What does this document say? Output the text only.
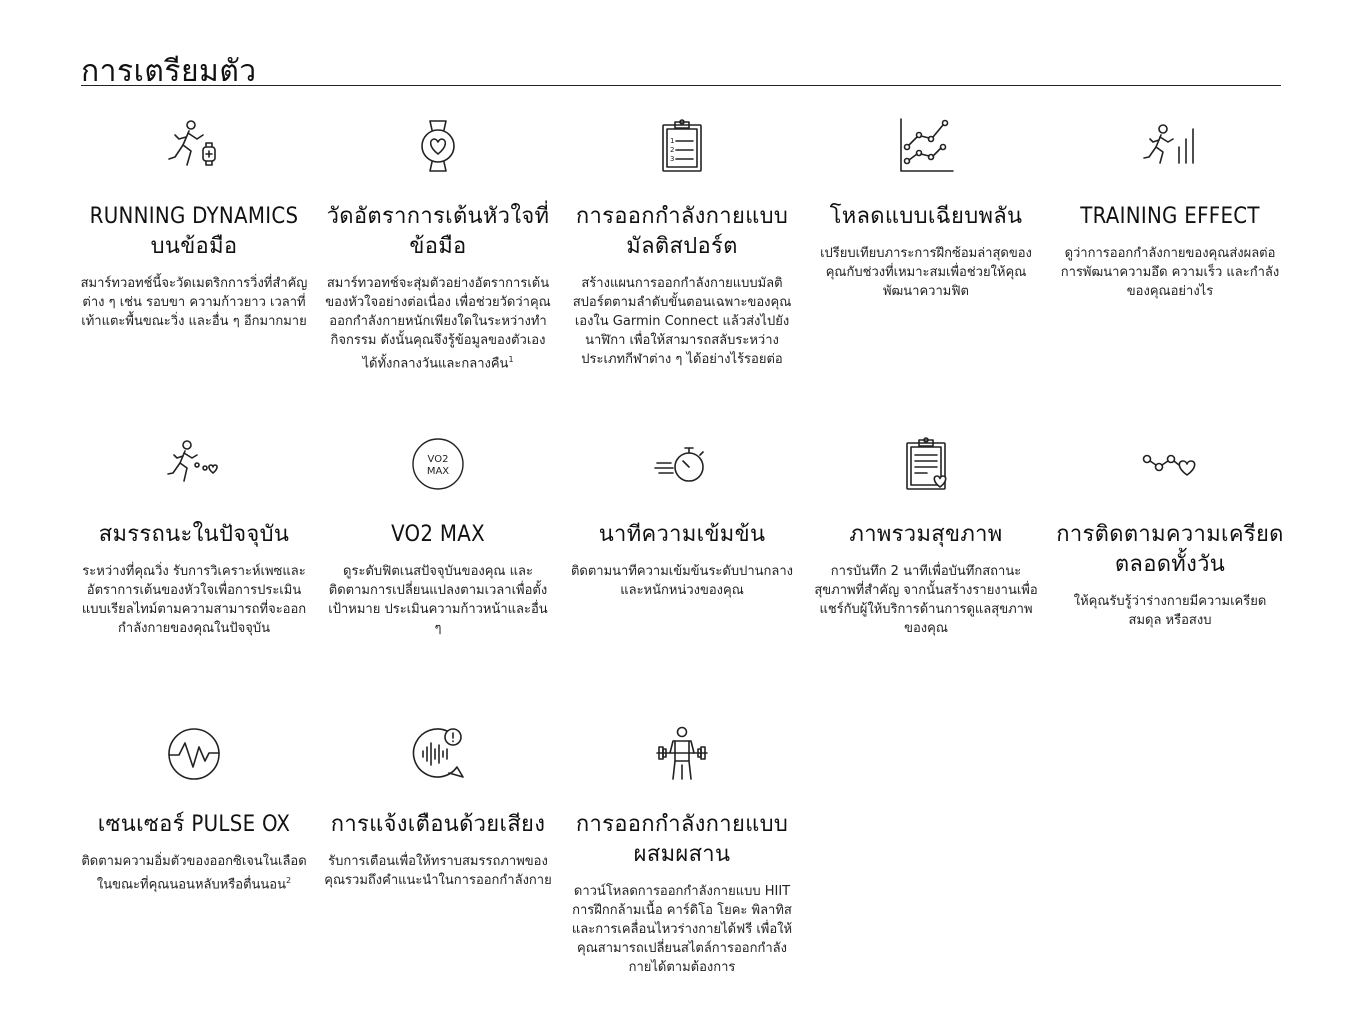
การเตรียมตัว
RUNNING DYNAMICS บนข้อมือ

สมาร์ทวอทช์นี้จะวัดเมตริกการวิ่งที่สำคัญต่าง ๆ เช่น รอบขา ความก้าวยาว เวลาที่เท้าแตะพื้นขณะวิ่ง และอื่น ๆ อีกมากมาย

วัดอัตราการเต้นหัวใจที่ข้อมือ

สมาร์ทวอทช์จะสุ่มตัวอย่างอัตราการเต้นของหัวใจอย่างต่อเนื่อง เพื่อช่วยวัดว่าคุณออกกำลังกายหนักเพียงใดในระหว่างทำกิจกรรม ดังนั้นคุณจึงรู้ข้อมูลของตัวเองได้ทั้งกลางวันและกลางคืน$^1$

1
2
3
การออกกำลังกายแบบมัลติสปอร์ต

สร้างแผนการออกกำลังกายแบบมัลติสปอร์ตตามลำดับขั้นตอนเฉพาะของคุณเองใน Garmin Connect แล้วส่งไปยังนาฬิกา เพื่อให้สามารถสลับระหว่างประเภทกีฬาต่าง ๆ ได้อย่างไร้รอยต่อ

โหลดแบบเฉียบพลัน

เปรียบเทียบภาระการฝึกซ้อมล่าสุดของคุณกับช่วงที่เหมาะสมเพื่อช่วยให้คุณพัฒนาความฟิต

TRAINING EFFECT

ดูว่าการออกกำลังกายของคุณส่งผลต่อการพัฒนาความอึด ความเร็ว และกำลังของคุณอย่างไร

สมรรถนะในปัจจุบัน

ระหว่างที่คุณวิ่ง รับการวิเคราะห์เพซและอัตราการเต้นของหัวใจเพื่อการประเมินแบบเรียลไทม์ตามความสามารถที่จะออกกำลังกายของคุณในปัจจุบัน

VO2
MAX
VO2 MAX

ดูระดับฟิตเนสปัจจุบันของคุณ และติดตามการเปลี่ยนแปลงตามเวลาเพื่อตั้งเป้าหมาย ประเมินความก้าวหน้าและอื่น ๆ

นาทีความเข้มข้น

ติดตามนาทีความเข้มข้นระดับปานกลางและหนักหน่วงของคุณ

ภาพรวมสุขภาพ

การบันทึก 2 นาทีเพื่อบันทึกสถานะสุขภาพที่สำคัญ จากนั้นสร้างรายงานเพื่อแชร์กับผู้ให้บริการด้านการดูแลสุขภาพของคุณ

การติดตามความเครียดตลอดทั้งวัน

ให้คุณรับรู้ว่าร่างกายมีความเครียด สมดุล หรือสงบ

เซนเซอร์ PULSE OX

ติดตามความอิ่มตัวของออกซิเจนในเลือดในขณะที่คุณนอนหลับหรือตื่นนอน$^2$

การแจ้งเตือนด้วยเสียง

รับการเตือนเพื่อให้ทราบสมรรถภาพของคุณรวมถึงคำแนะนำในการออกกำลังกาย

การออกกำลังกายแบบผสมผสาน

ดาวน์โหลดการออกกำลังกายแบบ HIIT การฝึกกล้ามเนื้อ คาร์ดิโอ โยคะ พิลาทิส และการเคลื่อนไหวร่างกายได้ฟรี เพื่อให้คุณสามารถเปลี่ยนสไตล์การออกกำลังกายได้ตามต้องการ
